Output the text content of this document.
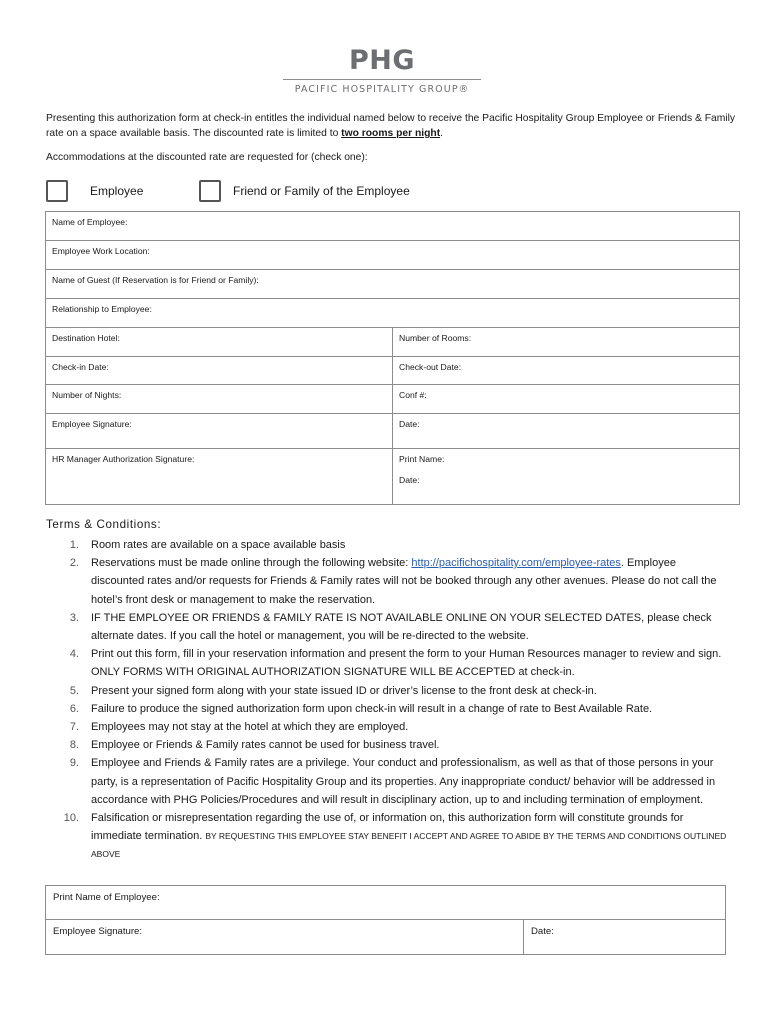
PHG
PACIFIC HOSPITALITY GROUP®
Presenting this authorization form at check-in entitles the individual named below to receive the Pacific Hospitality Group Employee or Friends & Family rate on a space available basis. The discounted rate is limited to two rooms per night.
Accommodations at the discounted rate are requested for (check one):
Employee	Friend or Family of the Employee
Name of Employee:	
Employee Work Location:	
Name of Guest (If Reservation is for Friend or Family):	
Relationship to Employee:	
Destination Hotel:	Number of Rooms:
Check-in Date:	Check-out Date:
Number of Nights:	Conf #:
Employee Signature:	Date:
HR Manager Authorization Signature:	Print Name:
Date:
Terms & Conditions:
1. Room rates are available on a space available basis
2. Reservations must be made online through the following website: http://pacifichospitality.com/employee-rates. Employee discounted rates and/or requests for Friends & Family rates will not be booked through any other avenues. Please do not call the hotel’s front desk or management to make the reservation.
3. IF THE EMPLOYEE OR FRIENDS & FAMILY RATE IS NOT AVAILABLE ONLINE ON YOUR SELECTED DATES, please check alternate dates. If you call the hotel or management, you will be re-directed to the website.
4. Print out this form, fill in your reservation information and present the form to your Human Resources manager to review and sign. ONLY FORMS WITH ORIGINAL AUTHORIZATION SIGNATURE WILL BE ACCEPTED at check-in.
5. Present your signed form along with your state issued ID or driver’s license to the front desk at check-in.
6. Failure to produce the signed authorization form upon check-in will result in a change of rate to Best Available Rate.
7. Employees may not stay at the hotel at which they are employed.
8. Employee or Friends & Family rates cannot be used for business travel.
9. Employee and Friends & Family rates are a privilege. Your conduct and professionalism, as well as that of those persons in your party, is a representation of Pacific Hospitality Group and its properties. Any inappropriate conduct/ behavior will be addressed in accordance with PHG Policies/Procedures and will result in disciplinary action, up to and including termination of employment.
10. Falsification or misrepresentation regarding the use of, or information on, this authorization form will constitute grounds for immediate termination. BY REQUESTING THIS EMPLOYEE STAY BENEFIT I ACCEPT AND AGREE TO ABIDE BY THE TERMS AND CONDITIONS OUTLINED ABOVE
Print Name of Employee:
Employee Signature:	Date:
